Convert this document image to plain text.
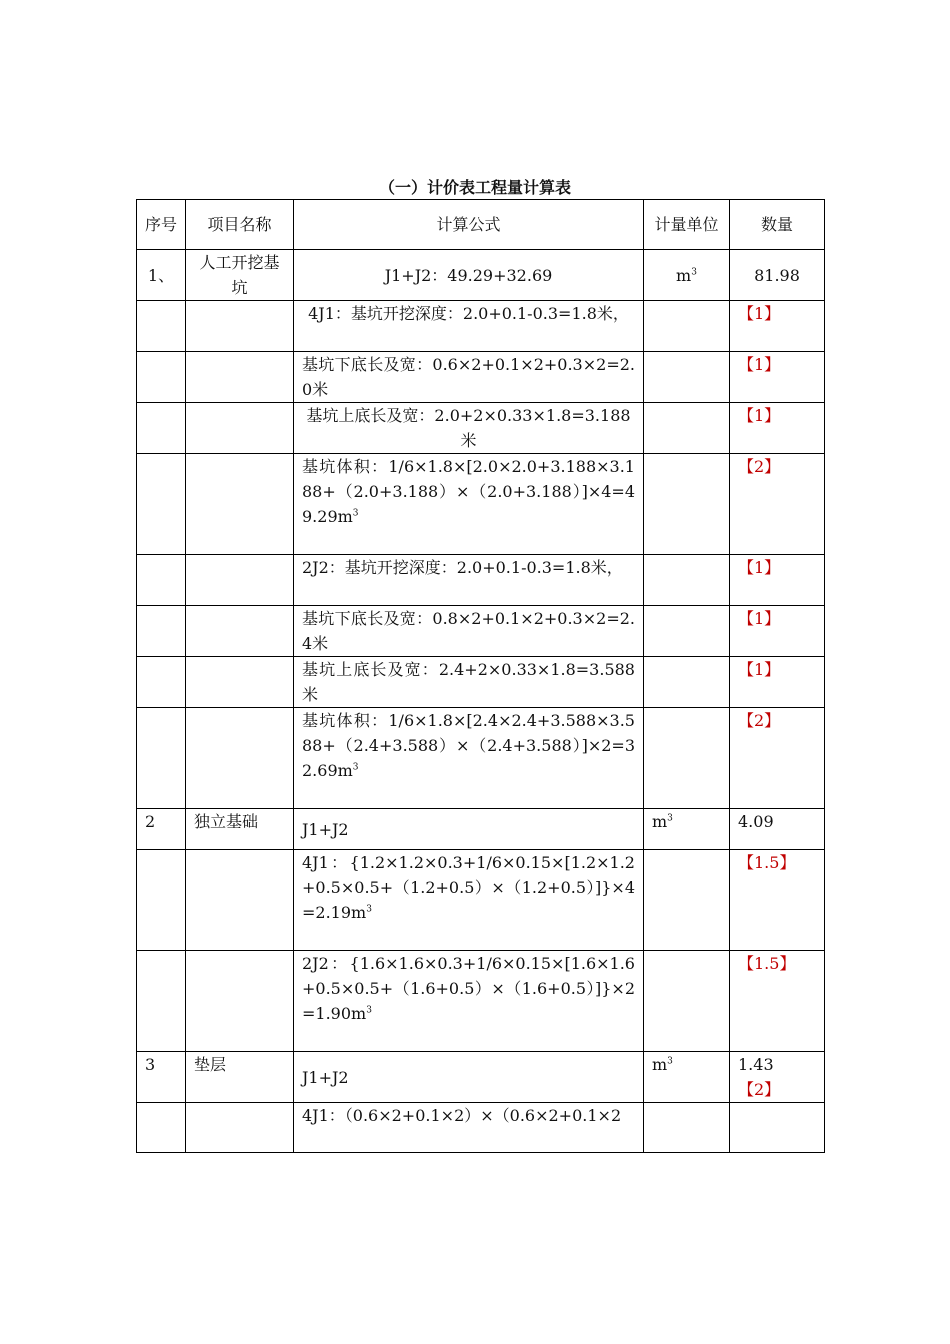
（一）计价表工程量计算表
序号	项目名称	计算公式	计量单位	数量
1、	人工开挖基坑	J1+J2：49.29+32.69	$m^3$	81.98
		4J1：基坑开挖深度：2.0+0.1-0.3=1.8米，		【1】
		基坑下底长及宽：0.6×2+0.1×2+0.3×2=2.0米		【1】
		基坑上底长及宽：2.0+2×0.33×1.8=3.188米		【1】
		基坑体积：$1/6\times 1.8\times[2.0\times 2.0+3.188\times 3.188+(2.0+3.188)\times(2.0+3.188)]\times 4=49.29m^3$		【2】
		2J2：基坑开挖深度：2.0+0.1-0.3=1.8米，		【1】
		基坑下底长及宽：0.8×2+0.1×2+0.3×2=2.4米		【1】
		基坑上底长及宽：2.4+2×0.33×1.8=3.588米		【1】
		基坑体积：$1/6\times 1.8\times[2.4\times 2.4+3.588\times 3.588+(2.4+3.588)\times(2.4+3.588)]\times 2=32.69m^3$		【2】
2	独立基础	J1+J2	$m^3$	4.09
		4J1：$\{1.2\times 1.2\times 0.3+1/6\times 0.15\times[1.2\times 1.2+0.5\times 0.5+(1.2+0.5)\times(1.2+0.5)]\}\times 4=2.19m^3$		【1.5】
		2J2：$\{1.6\times 1.6\times 0.3+1/6\times 0.15\times[1.6\times 1.6+0.5\times 0.5+(1.6+0.5)\times(1.6+0.5)]\}\times 2=1.90m^3$		【1.5】
3	垫层	J1+J2	$m^3$	1.43 【2】
		4J1：（0.6×2+0.1×2）×（0.6×2+0.1×2		
